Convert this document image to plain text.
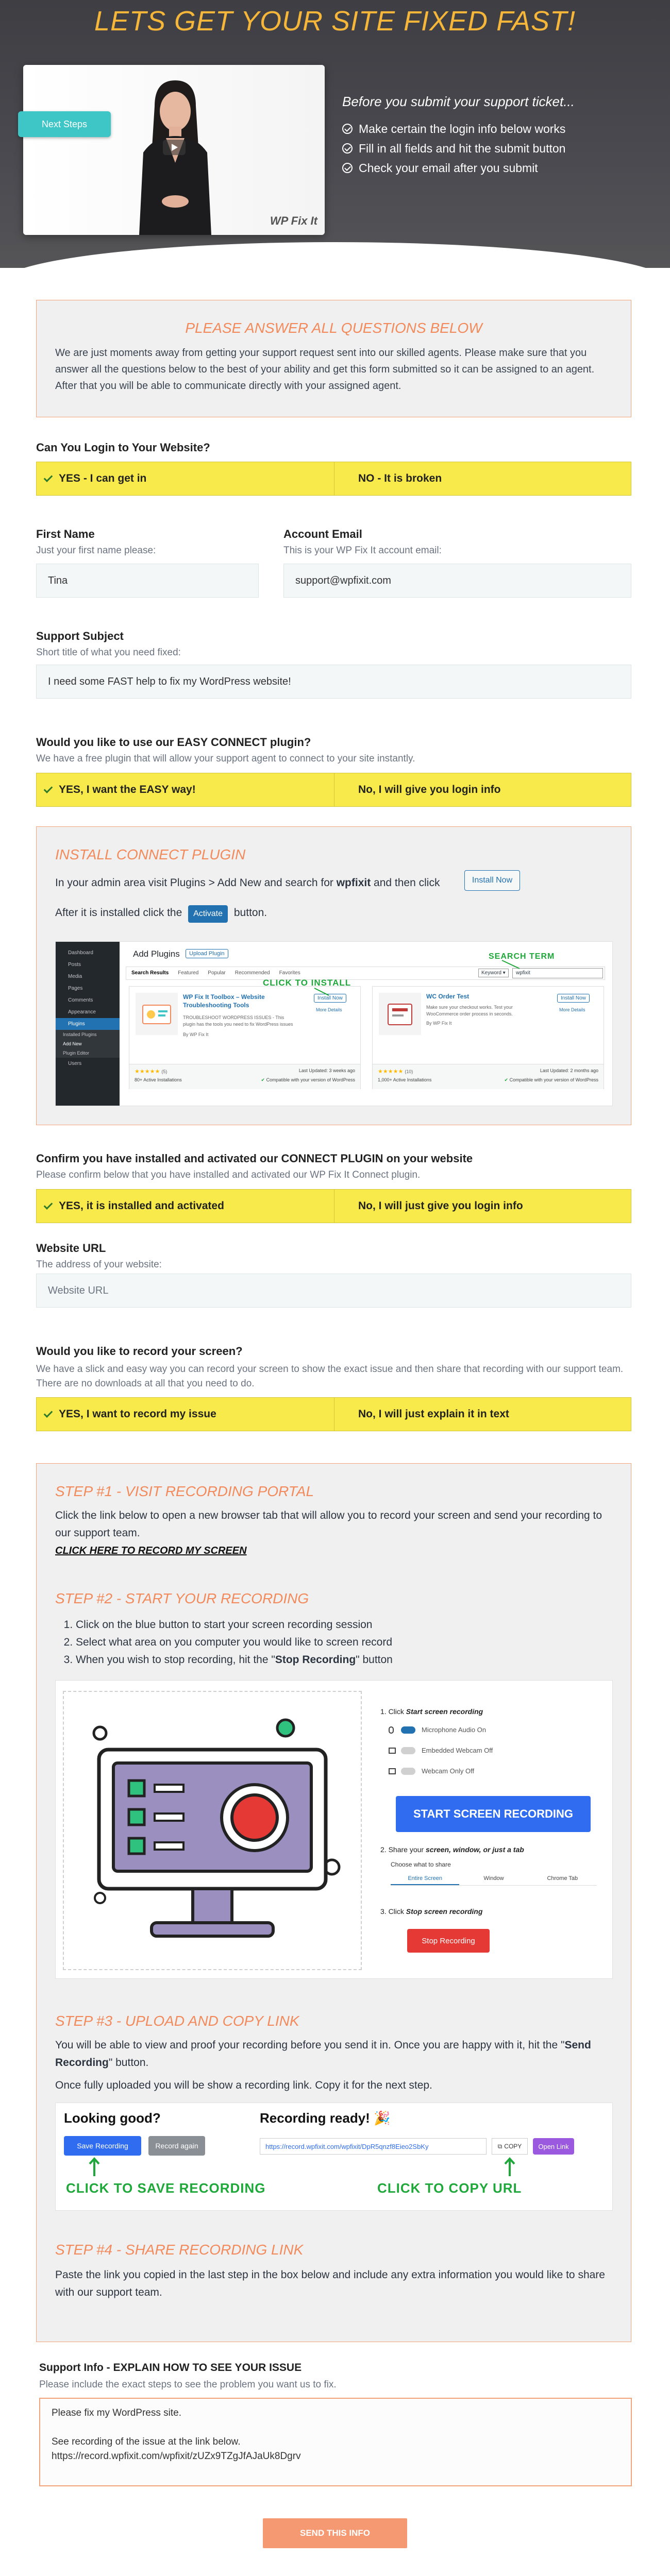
LETS GET YOUR SITE FIXED FAST!
WP Fix It
Next Steps
Before you submit your support ticket...
Make certain the login info below works
Fill in all fields and hit the submit button
Check your email after you submit
PLEASE ANSWER ALL QUESTIONS BELOW
We are just moments away from getting your support request sent into our skilled agents. Please make sure that you answer all the questions below to the best of your ability and get this form submitted so it can be assigned to an agent. After that you will be able to communicate directly with your assigned agent.
Can You Login to Your Website?
YES - I can get in	NO - It is broken
First Name
Just your first name please:
Tina
Account Email
This is your WP Fix It account email:
support@wpfixit.com
Support Subject
Short title of what you need fixed:
I need some FAST help to fix my WordPress website!
Would you like to use our EASY CONNECT plugin?
We have a free plugin that will allow your support agent to connect to your site instantly.
YES, I want the EASY way!	No, I will give you login info
INSTALL CONNECT PLUGIN
In your admin area visit Plugins > Add New and search for wpfixit and then click	Install Now
After it is installed click the Activate button.
Dashboard
Posts
Media
Pages
Comments
Appearance
Plugins
Installed Plugins
Add New
Plugin Editor
Users
Add Plugins	Upload Plugin
Search Results Featured Popular Recommended Favorites	Keyword ▾	wpfixit
SEARCH TERM
WP Fix It Toolbox – Website Troubleshooting Tools
TROUBLESHOOT WORDPRESS ISSUES - This plugin has the tools you need to fix WordPress issues
By WP Fix It
Install Now
More Details
★★★★★ (5)
80+ Active Installations
Last Updated: 3 weeks ago
✔ Compatible with your version of WordPress
CLICK TO INSTALL
WC Order Test
Make sure your checkout works. Test your WooCommerce order process in seconds.
By WP Fix It
Install Now
More Details
★★★★★ (10)
1,000+ Active Installations
Last Updated: 2 months ago
✔ Compatible with your version of WordPress
Confirm you have installed and activated our CONNECT PLUGIN on your website
Please confirm below that you have installed and activated our WP Fix It Connect plugin.
YES, it is installed and activated	No, I will just give you login info
Website URL
The address of your website:
Website URL
Would you like to record your screen?
We have a slick and easy way you can record your screen to show the exact issue and then share that recording with our support team. There are no downloads at all that you need to do.
YES, I want to record my issue	No, I will just explain it in text
STEP #1 - VISIT RECORDING PORTAL
Click the link below to open a new browser tab that will allow you to record your screen and send your recording to our support team.
CLICK HERE TO RECORD MY SCREEN
STEP #2 - START YOUR RECORDING
1. Click on the blue button to start your screen recording session
2. Select what area on you computer you would like to screen record
3. When you wish to stop recording, hit the "Stop Recording" button
1. Click Start screen recording
Microphone Audio On
Embedded Webcam Off
Webcam Only Off
START SCREEN RECORDING
2. Share your screen, window, or just a tab
Choose what to share
Entire Screen	Window	Chrome Tab
3. Click Stop screen recording
Stop Recording
STEP #3 - UPLOAD AND COPY LINK
You will be able to view and proof your recording before you send it in. Once you are happy with it, hit the "Send Recording" button.
Once fully uploaded you will be show a recording link. Copy it for the next step.
Looking good?
Save Recording	Record again
CLICK TO SAVE RECORDING
Recording ready! 🎉
https://record.wpfixit.com/wpfixit/DpR5qnzf8Eieo2SbKy	⧉ COPY	Open Link
CLICK TO COPY URL
STEP #4 - SHARE RECORDING LINK
Paste the link you copied in the last step in the box below and include any extra information you would like to share with our support team.
Support Info - EXPLAIN HOW TO SEE YOUR ISSUE
Please include the exact steps to see the problem you want us to fix.
Please fix my WordPress site.
See recording of the issue at the link below.
https://record.wpfixit.com/wpfixit/zUZx9TZgJfAJaUk8Dgrv
SEND THIS INFO
